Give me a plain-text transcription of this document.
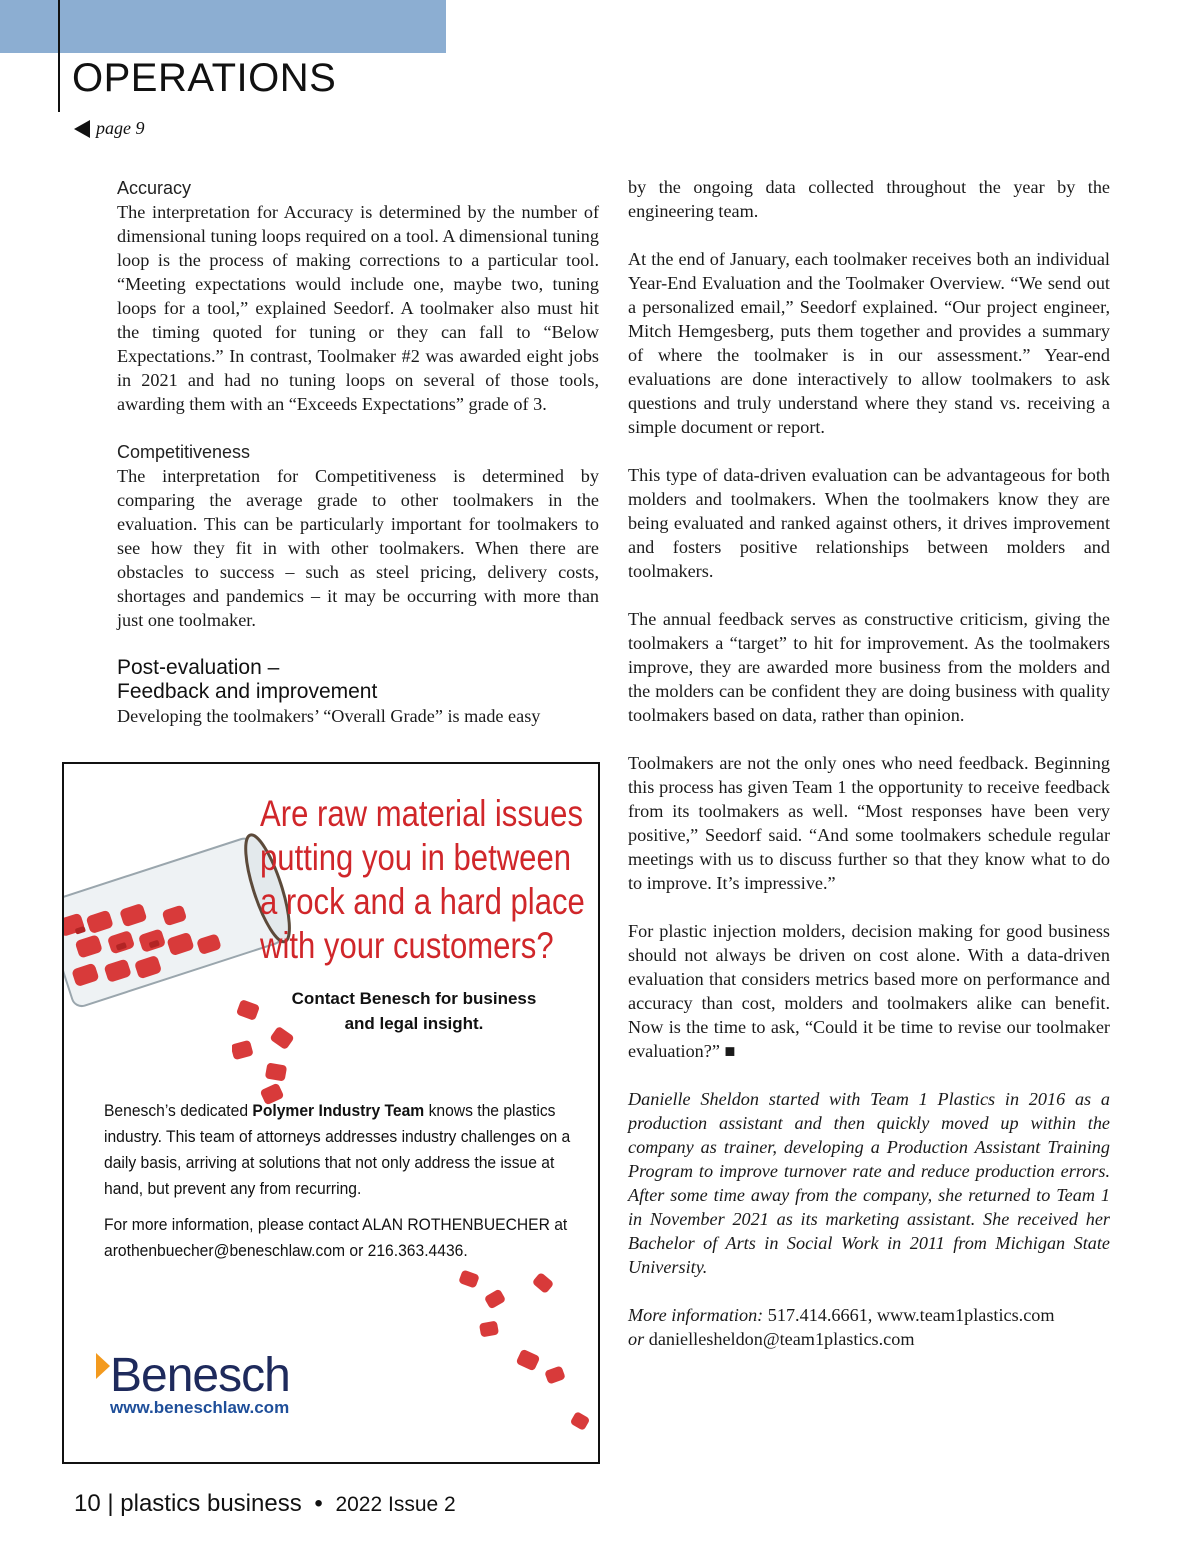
OPERATIONS
page 9
Accuracy

The interpretation for Accuracy is determined by the number of dimensional tuning loops required on a tool. A dimensional tuning loop is the process of making corrections to a particular tool. “Meeting expectations would include one, maybe two, tuning loops for a tool,” explained Seedorf. A toolmaker also must hit the timing quoted for tuning or they can fall to “Below Expectations.” In contrast, Toolmaker #2 was awarded eight jobs in 2021 and had no tuning loops on several of those tools, awarding them with an “Exceeds Expectations” grade of 3.

Competitiveness

The interpretation for Competitiveness is determined by comparing the average grade to other toolmakers in the evaluation. This can be particularly important for toolmakers to see how they fit in with other toolmakers. When there are obstacles to success – such as steel pricing, delivery costs, shortages and pandemics – it may be occurring with more than just one toolmaker.

Post-evaluation –
Feedback and improvement

Developing the toolmakers’ “Overall Grade” is made easy

Are raw material issues
putting you in between
a rock and a hard place
with your customers?
Contact Benesch for business
and legal insight.

Benesch’s dedicated Polymer Industry Team knows the plastics industry. This team of attorneys addresses industry challenges on a daily basis, arriving at solutions that not only address the issue at hand, but prevent any from recurring.

For more information, please contact ALAN ROTHENBUECHER at arothenbuecher@beneschlaw.com or 216.363.4436.

Benesch
www.beneschlaw.com

by the ongoing data collected throughout the year by the engineering team.

At the end of January, each toolmaker receives both an individual Year-End Evaluation and the Toolmaker Overview. “We send out a personalized email,” Seedorf explained. “Our project engineer, Mitch Hemgesberg, puts them together and provides a summary of where the toolmaker is in our assessment.” Year-end evaluations are done interactively to allow toolmakers to ask questions and truly understand where they stand vs. receiving a simple document or report.

This type of data-driven evaluation can be advantageous for both molders and toolmakers. When the toolmakers know they are being evaluated and ranked against others, it drives improvement and fosters positive relationships between molders and toolmakers.

The annual feedback serves as constructive criticism, giving the toolmakers a “target” to hit for improvement. As the toolmakers improve, they are awarded more business from the molders and the molders can be confident they are doing business with quality toolmakers based on data, rather than opinion.

Toolmakers are not the only ones who need feedback. Beginning this process has given Team 1 the opportunity to receive feedback from its toolmakers as well. “Most responses have been very positive,” Seedorf said. “And some toolmakers schedule regular meetings with us to discuss further so that they know what to do to improve. It’s impressive.”

For plastic injection molders, decision making for good business should not always be driven on cost alone. With a data-driven evaluation that considers metrics based more on performance and accuracy than cost, molders and toolmakers alike can benefit. Now is the time to ask, “Could it be time to revise our toolmaker evaluation?” ■

Danielle Sheldon started with Team 1 Plastics in 2016 as a production assistant and then quickly moved up within the company as trainer, developing a Production Assistant Training Program to improve turnover rate and reduce production errors. After some time away from the company, she returned to Team 1 in November 2021 as its marketing assistant. She received her Bachelor of Arts in Social Work in 2011 from Michigan State University.

More information: 517.414.6661, www.team1plastics.com
or daniellesheldon@team1plastics.com

10 | plastics business • 2022 Issue 2
